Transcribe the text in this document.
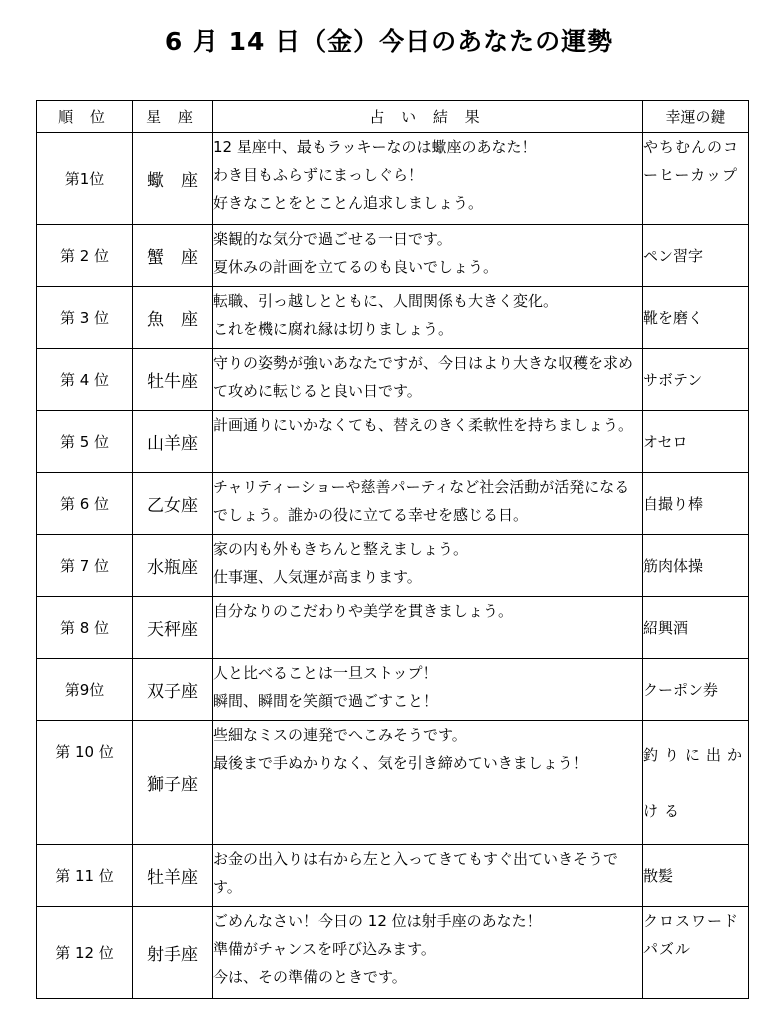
6 月 14 日（金）今日のあなたの運勢
順 位	星 座	占 い 結 果	幸運の鍵
第1位	蠍　座	12 星座中、最もラッキーなのは蠍座のあなた！
わき目もふらずにまっしぐら！
好きなことをとことん追求しましょう。	やちむんのコーヒーカップ
第 2 位	蟹　座	楽観的な気分で過ごせる一日です。
夏休みの計画を立てるのも良いでしょう。	ペン習字
第 3 位	魚　座	転職、引っ越しとともに、人間関係も大きく変化。
これを機に腐れ縁は切りましょう。	靴を磨く
第 4 位	牡牛座	守りの姿勢が強いあなたですが、今日はより大きな収穫を求めて攻めに転じると良い日です。	サボテン
第 5 位	山羊座	計画通りにいかなくても、替えのきく柔軟性を持ちましょう。	オセロ
第 6 位	乙女座	チャリティーショーや慈善パーティなど社会活動が活発になるでしょう。誰かの役に立てる幸せを感じる日。	自撮り棒
第 7 位	水瓶座	家の内も外もきちんと整えましょう。
仕事運、人気運が高まります。	筋肉体操
第 8 位	天秤座	自分なりのこだわりや美学を貫きましょう。	紹興酒
第9位	双子座	人と比べることは一旦ストップ！
瞬間、瞬間を笑顔で過ごすこと！	クーポン券
第 10 位	獅子座	些細なミスの連発でへこみそうです。
最後まで手ぬかりなく、気を引き締めていきましょう！	釣りに出かける
第 11 位	牡羊座	お金の出入りは右から左と入ってきてもすぐ出ていきそうです。	散髪
第 12 位	射手座	ごめんなさい！今日の 12 位は射手座のあなた！
準備がチャンスを呼び込みます。
今は、その準備のときです。	クロスワードパズル
